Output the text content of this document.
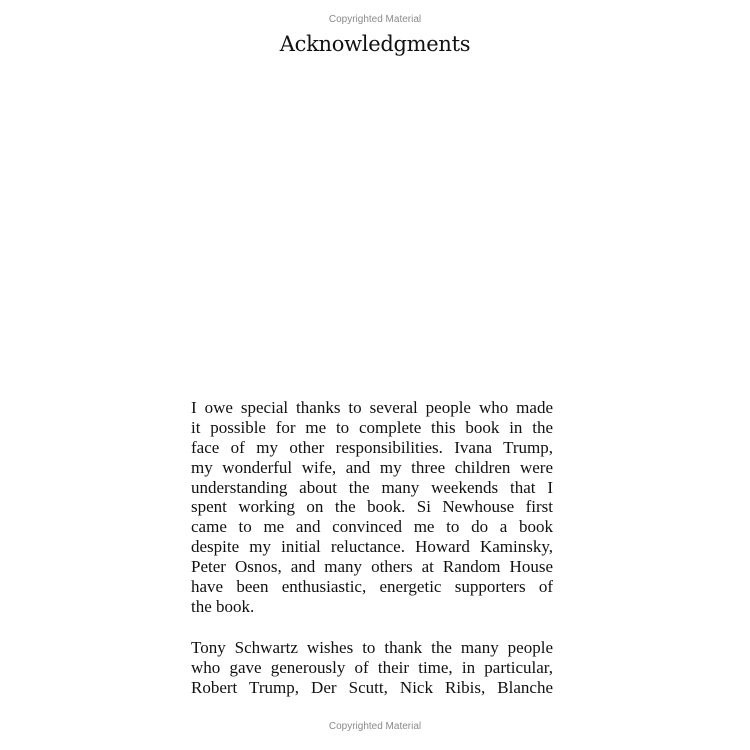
Copyrighted Material
Acknowledgments
I owe special thanks to several people who made
it possible for me to complete this book in the
face of my other responsibilities. Ivana Trump,
my wonderful wife, and my three children were
understanding about the many weekends that I
spent working on the book. Si Newhouse first
came to me and convinced me to do a book
despite my initial reluctance. Howard Kaminsky,
Peter Osnos, and many others at Random House
have been enthusiastic, energetic supporters of
the book.
Tony Schwartz wishes to thank the many people
who gave generously of their time, in particular,
Robert Trump, Der Scutt, Nick Ribis, Blanche
Copyrighted Material
